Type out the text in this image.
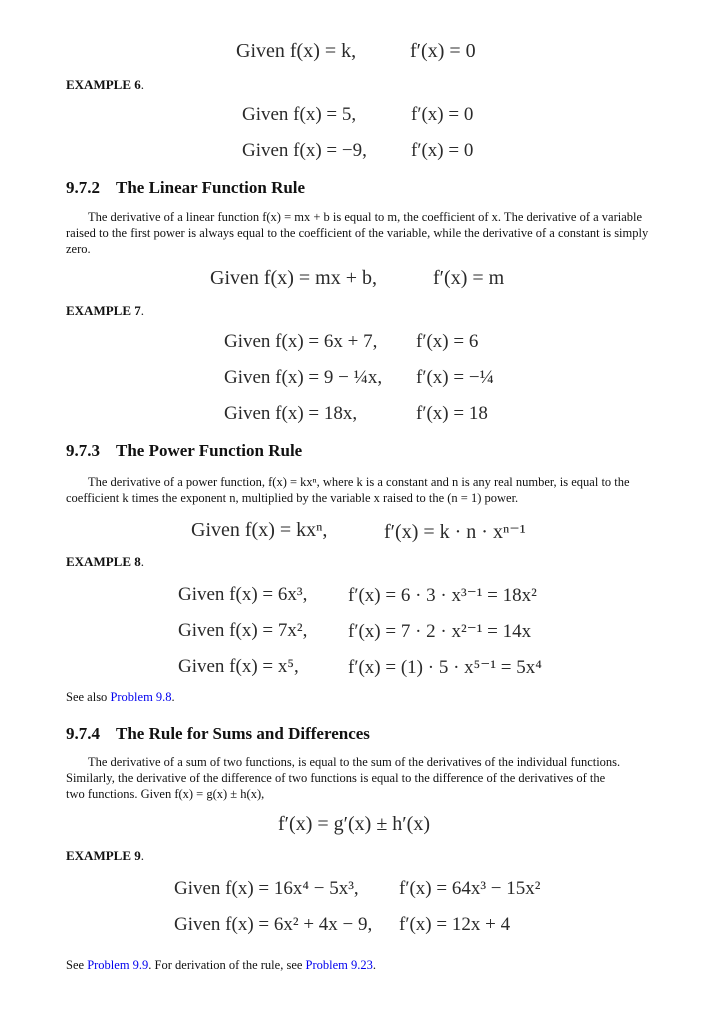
Given f(x) = k,	f′(x) = 0
EXAMPLE 6.
Given f(x) = 5,	f′(x) = 0
Given f(x) = −9, f′(x) = 0
9.7.2 The Linear Function Rule
The derivative of a linear function f(x) = mx + b is equal to m, the coefficient of x. The derivative of a variable raised to the first power is always equal to the coefficient of the variable, while the derivative of a constant is simply zero.
Given f(x) = mx + b,	f′(x) = m
EXAMPLE 7.
Given f(x) = 6x + 7, f′(x) = 6
Given f(x) = 9 − ¼x, f′(x) = −¼
Given f(x) = 18x,	f′(x) = 18
9.7.3 The Power Function Rule
The derivative of a power function, f(x) = kxⁿ, where k is a constant and n is any real number, is equal to the coefficient k times the exponent n, multiplied by the variable x raised to the (n = 1) power.
Given f(x) = kxⁿ,	f′(x) = k · n · xⁿ⁻¹
EXAMPLE 8.
Given f(x) = 6x³, f′(x) = 6 · 3 · x³⁻¹ = 18x²
Given f(x) = 7x², f′(x) = 7 · 2 · x²⁻¹ = 14x
Given f(x) = x⁵,	f′(x) = (1) · 5 · x⁵⁻¹ = 5x⁴
See also Problem 9.8.
9.7.4 The Rule for Sums and Differences
The derivative of a sum of two functions, is equal to the sum of the derivatives of the individual functions. Similarly, the derivative of the difference of two functions is equal to the difference of the derivatives of the two functions. Given f(x) = g(x) ± h(x),
f′(x) = g′(x) ± h′(x)
EXAMPLE 9.
Given f(x) = 16x⁴ − 5x³, f′(x) = 64x³ − 15x²
Given f(x) = 6x² + 4x − 9, f′(x) = 12x + 4
See Problem 9.9. For derivation of the rule, see Problem 9.23.
